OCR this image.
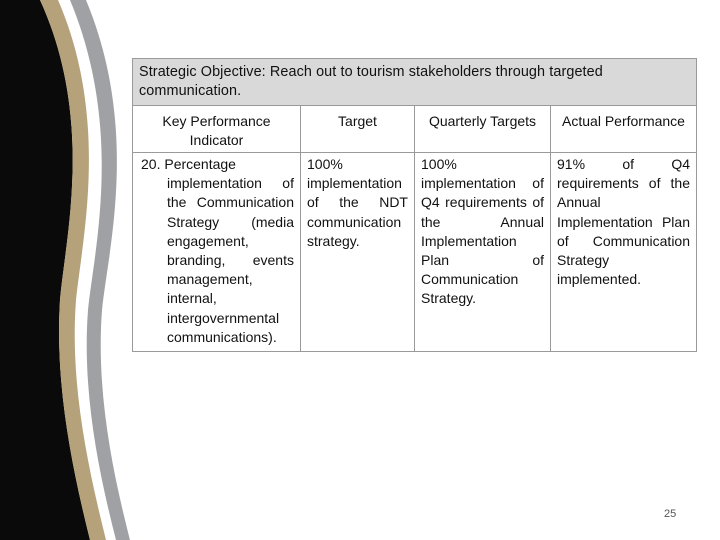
Strategic Objective: Reach out to tourism stakeholders through targeted communication.			
Key Performance Indicator	Target	Quarterly Targets	Actual Performance

20. Percentage
implementation of the Communication Strategy (media engagement, branding, events management, internal, intergovernmental communications).	100% implementation of the NDT communication strategy.	100% implementation of Q4 requirements of the Annual Implementation Plan of Communication Strategy.	91% of Q4 requirements of the Annual Implementation Plan of Communication Strategy implemented.
25
